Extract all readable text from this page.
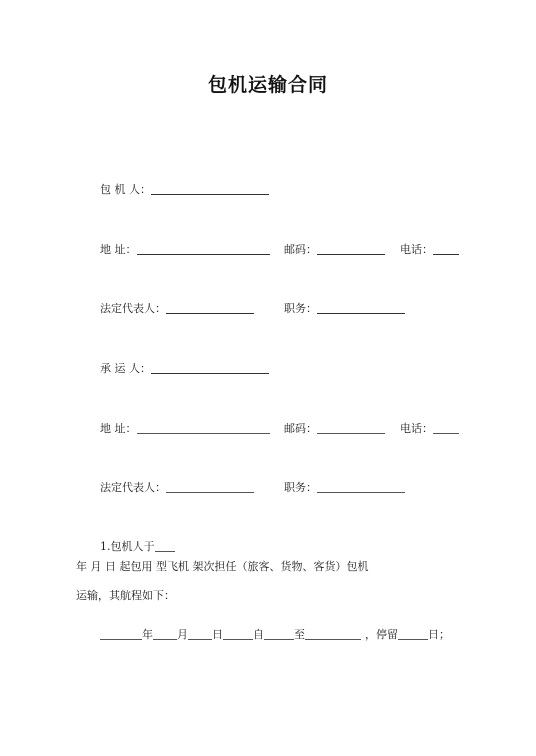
包机运输合同
包 机 人：
地 址：	邮码：	电话：
法定代表人：	职务：
承 运 人：
地 址：	邮码：	电话：
法定代表人：	职务：
1.包机人于年 月 日 起包用 型飞机 架次担任（旅客、货物、客货）包机
运输，其航程如下：
年 月 日	自	至	，停留	日；
